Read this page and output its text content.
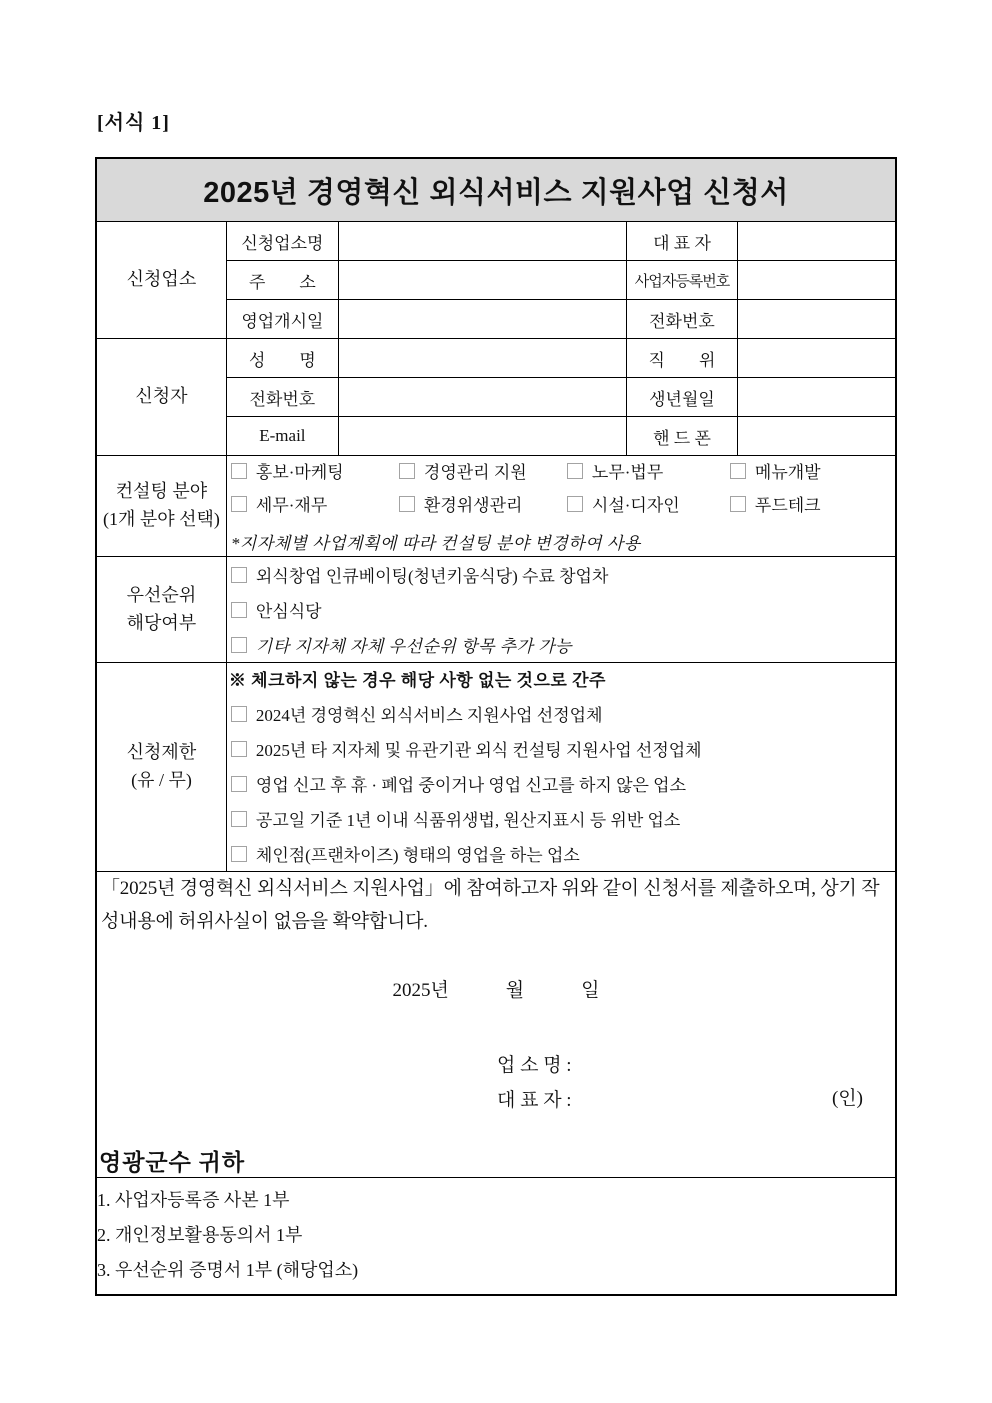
[서식 1]
2025년 경영혁신 외식서비스 지원사업 신청서				
신청업소	신청업소명		대 표 자	
	주　　소		사업자등록번호	
	영업개시일		전화번호	
신청자	성　　명		직　　위	
	전화번호		생년월일	
	E-mail		핸 드 폰	

컨설팅 분야
(1개 분야 선택)

홍보·마케팅	경영관리 지원	노무·법무	메뉴개발
세무·재무	환경위생관리	시설·디자인	푸드테크
*지자체별 사업계획에 따라 컨설팅 분야 변경하여 사용

우선순위
해당여부

외식창업 인큐베이팅(청년키움식당) 수료 창업차
안심식당
기타 지자체 자체 우선순위 항목 추가 가능

신청제한
(유 / 무)

※ 체크하지 않는 경우 해당 사항 없는 것으로 간주
2024년 경영혁신 외식서비스 지원사업 선정업체
2025년 타 지자체 및 유관기관 외식 컨설팅 지원사업 선정업체
영업 신고 후 휴 · 폐업 중이거나 영업 신고를 하지 않은 업소
공고일 기준 1년 이내 식품위생법, 원산지표시 등 위반 업소
체인점(프랜차이즈) 형태의 영업을 하는 업소

「2025년 경영혁신 외식서비스 지원사업」에 참여하고자 위와 같이 신청서를 제출하오며, 상기 작성내용에 허위사실이 없음을 확약합니다.
2025년　　　월　　　일
업 소 명 :
대 표 자 :	(인)
영광군수 귀하

1. 사업자등록증 사본 1부
2. 개인정보활용동의서 1부
3. 우선순위 증명서 1부 (해당업소)				
